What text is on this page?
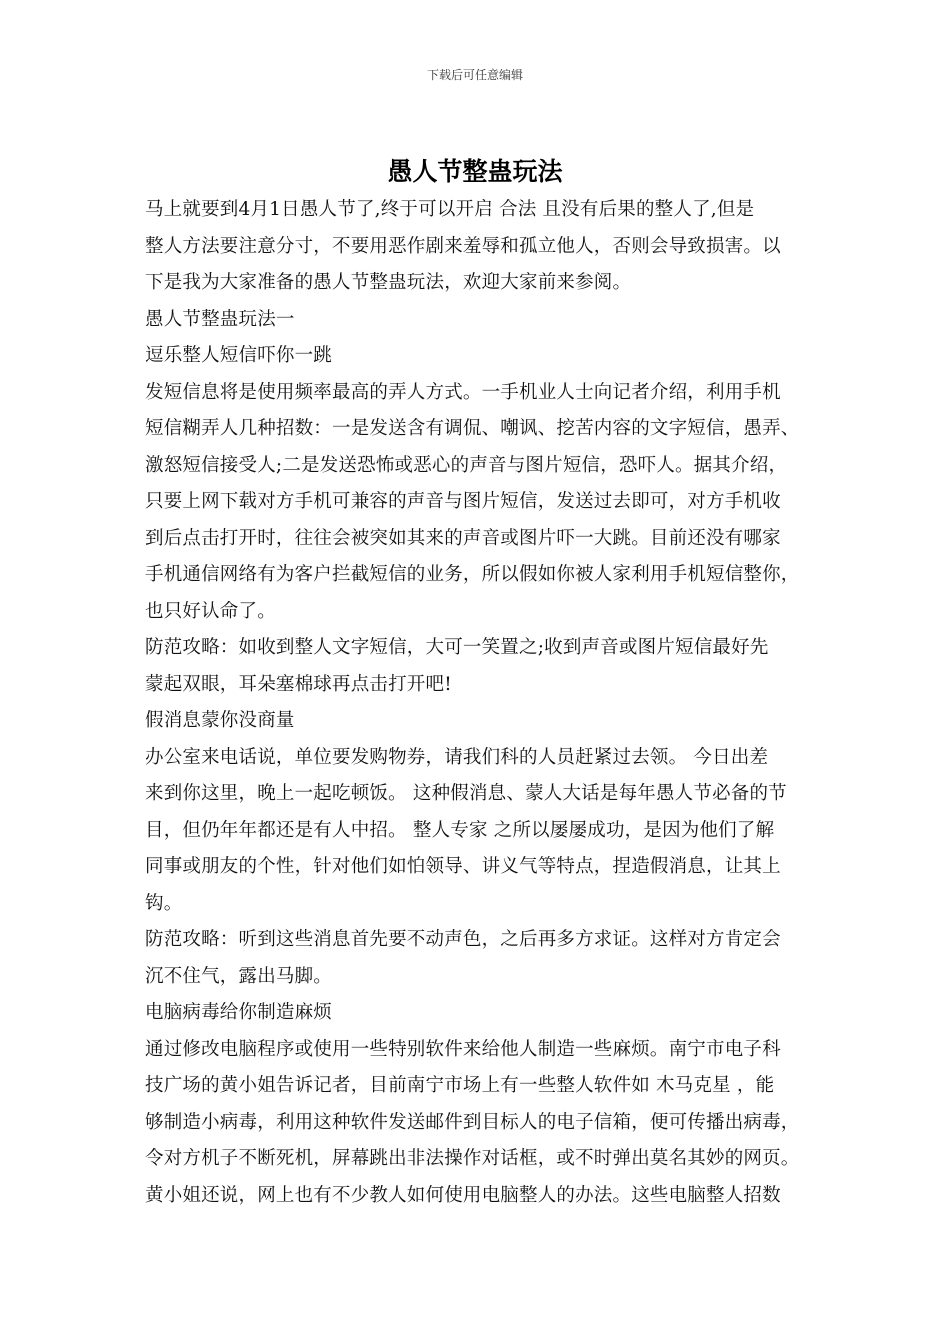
下载后可任意编辑
愚人节整蛊玩法
马上就要到4月1日愚人节了,终于可以开启 合法 且没有后果的整人了,但是
整人方法要注意分寸，不要用恶作剧来羞辱和孤立他人，否则会导致损害。以
下是我为大家准备的愚人节整蛊玩法，欢迎大家前来参阅。
愚人节整蛊玩法一
逗乐整人短信吓你一跳
发短信息将是使用频率最高的弄人方式。一手机业人士向记者介绍，利用手机
短信糊弄人几种招数：一是发送含有调侃、嘲讽、挖苦内容的文字短信，愚弄、
激怒短信接受人;二是发送恐怖或恶心的声音与图片短信，恐吓人。据其介绍，
只要上网下载对方手机可兼容的声音与图片短信，发送过去即可，对方手机收
到后点击打开时，往往会被突如其来的声音或图片吓一大跳。目前还没有哪家
手机通信网络有为客户拦截短信的业务，所以假如你被人家利用手机短信整你，
也只好认命了。
防范攻略：如收到整人文字短信，大可一笑置之;收到声音或图片短信最好先
蒙起双眼，耳朵塞棉球再点击打开吧!
假消息蒙你没商量
办公室来电话说，单位要发购物券，请我们科的人员赶紧过去领。 今日出差
来到你这里，晚上一起吃顿饭。 这种假消息、蒙人大话是每年愚人节必备的节
目，但仍年年都还是有人中招。 整人专家 之所以屡屡成功，是因为他们了解
同事或朋友的个性，针对他们如怕领导、讲义气等特点，捏造假消息，让其上
钩。
防范攻略：听到这些消息首先要不动声色，之后再多方求证。这样对方肯定会
沉不住气，露出马脚。
电脑病毒给你制造麻烦
通过修改电脑程序或使用一些特别软件来给他人制造一些麻烦。南宁市电子科
技广场的黄小姐告诉记者，目前南宁市场上有一些整人软件如 木马克星 ，能
够制造小病毒，利用这种软件发送邮件到目标人的电子信箱，便可传播出病毒，
令对方机子不断死机，屏幕跳出非法操作对话框，或不时弹出莫名其妙的网页。
黄小姐还说，网上也有不少教人如何使用电脑整人的办法。这些电脑整人招数
